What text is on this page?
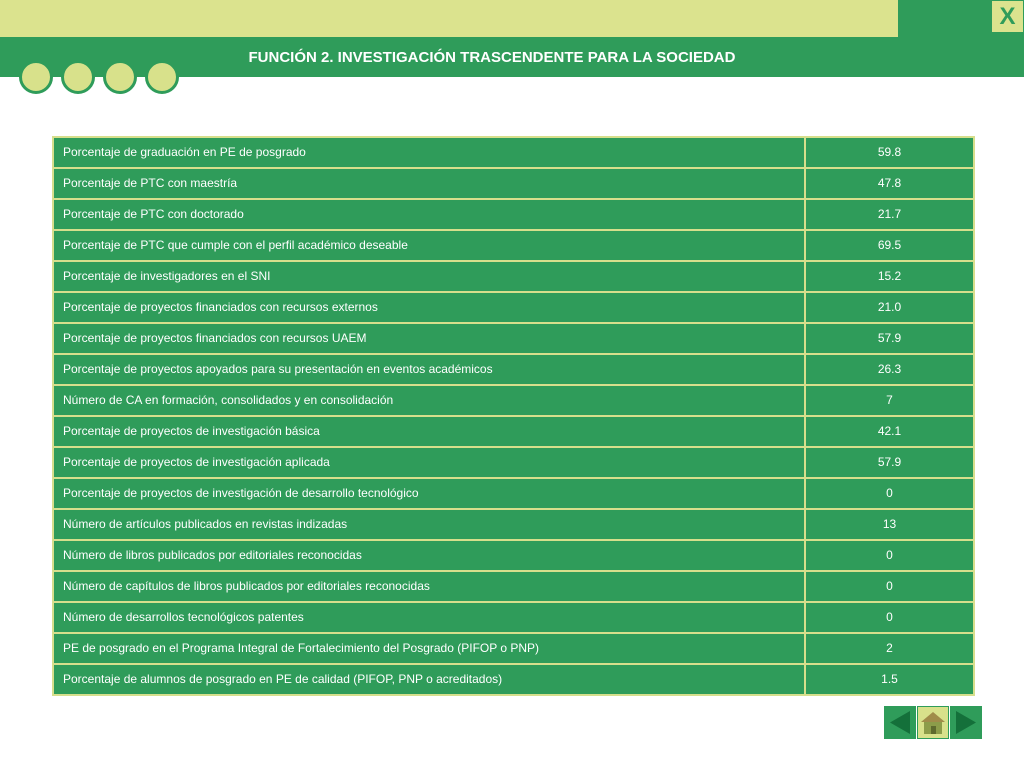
X
FUNCIÓN 2. INVESTIGACIÓN TRASCENDENTE PARA LA SOCIEDAD
Porcentaje de graduación en PE de posgrado	59.8
Porcentaje de PTC con maestría	47.8
Porcentaje de PTC con doctorado	21.7
Porcentaje de PTC que cumple con el perfil académico deseable	69.5
Porcentaje de investigadores en el SNI	15.2
Porcentaje de proyectos financiados con recursos externos	21.0
Porcentaje de proyectos financiados con recursos UAEM	57.9
Porcentaje de proyectos apoyados para su presentación en eventos académicos	26.3
Número de CA en formación, consolidados y en consolidación	7
Porcentaje de proyectos de investigación básica	42.1
Porcentaje de proyectos de investigación aplicada	57.9
Porcentaje de proyectos de investigación de desarrollo tecnológico	0
Número de artículos publicados en revistas indizadas	13
Número de libros publicados por editoriales reconocidas	0
Número de capítulos de libros publicados por editoriales reconocidas	0
Número de desarrollos tecnológicos patentes	0
PE de posgrado en el Programa Integral de Fortalecimiento del Posgrado (PIFOP o PNP)	2
Porcentaje de alumnos de posgrado en PE de calidad (PIFOP, PNP o acreditados)	1.5
